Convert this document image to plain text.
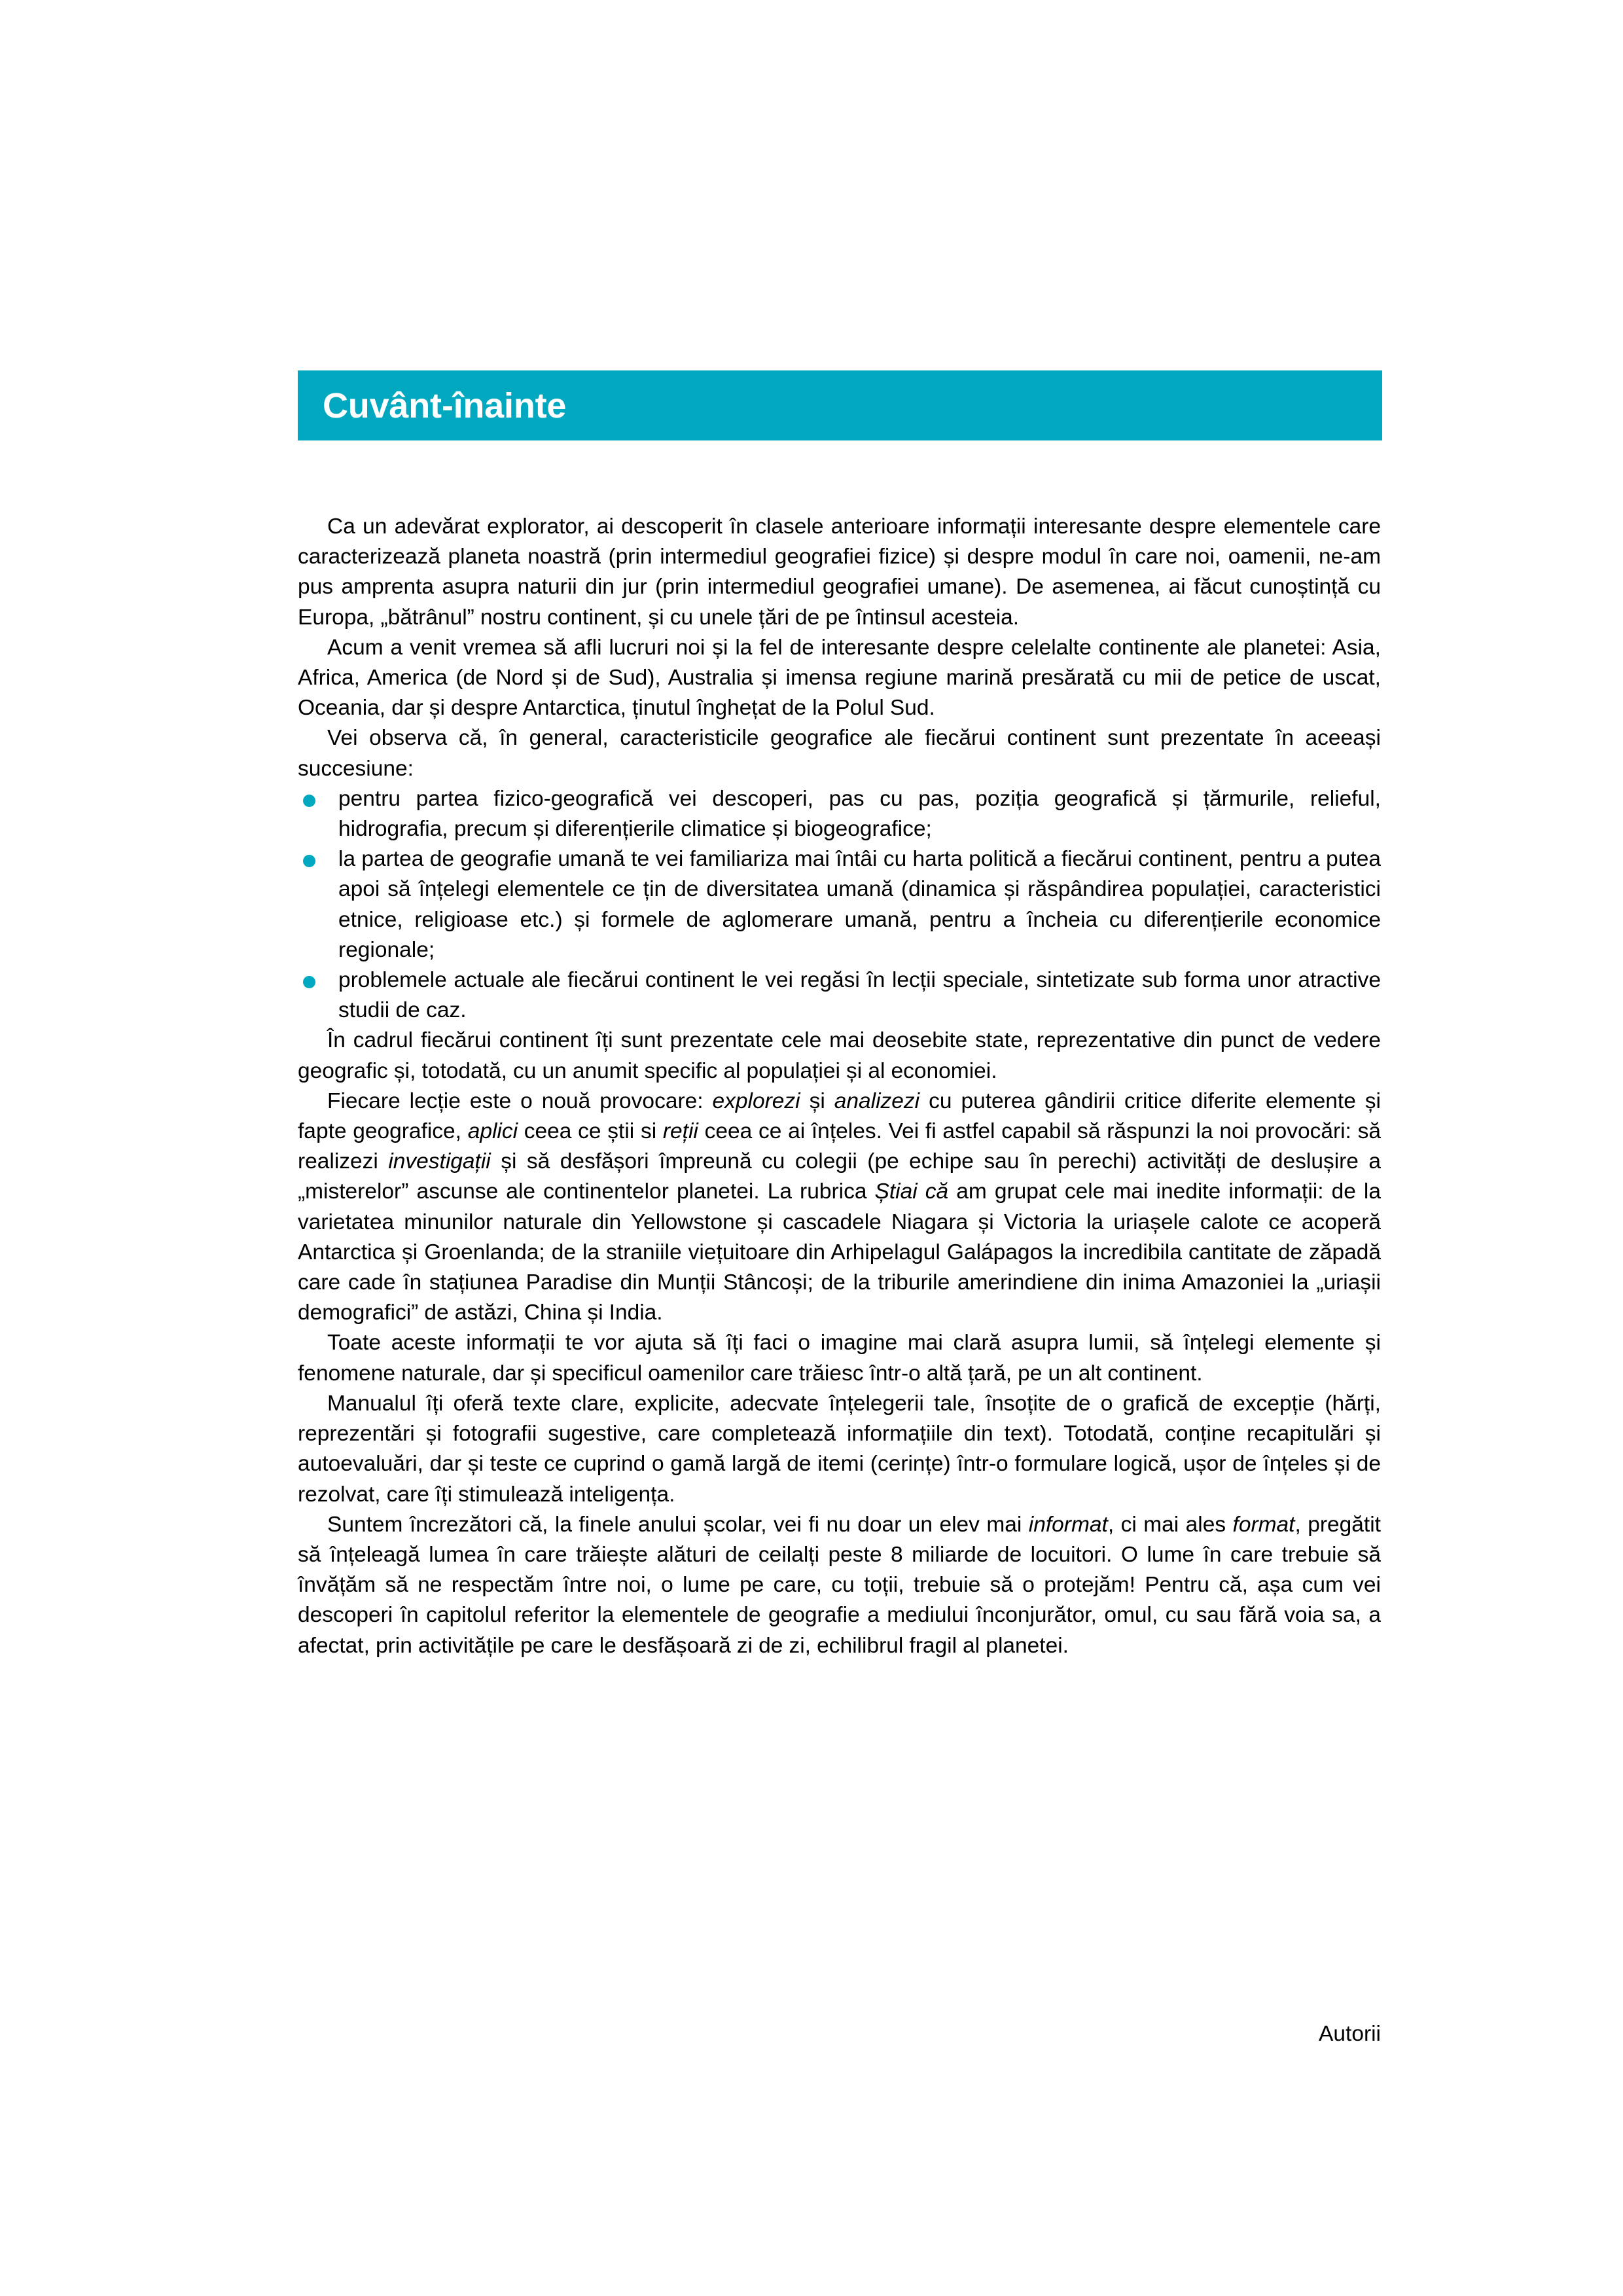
Cuvânt-înainte

Ca un adevărat explorator, ai descoperit în clasele anterioare informații interesante despre elementele care caracterizează planeta noastră (prin intermediul geografiei fizice) și despre modul în care noi, oamenii, ne-am pus amprenta asupra naturii din jur (prin intermediul geografiei umane). De asemenea, ai făcut cunoștință cu Europa, „bătrânul” nostru continent, și cu unele țări de pe întinsul acesteia.

Acum a venit vremea să afli lucruri noi și la fel de interesante despre celelalte continente ale planetei: Asia, Africa, America (de Nord și de Sud), Australia și imensa regiune marină presărată cu mii de petice de uscat, Oceania, dar și despre Antarctica, ținutul înghețat de la Polul Sud.

Vei observa că, în general, caracteristicile geografice ale fiecărui continent sunt prezentate în aceeași succesiune:

pentru partea fizico-geografică vei descoperi, pas cu pas, poziția geografică și țărmurile, relieful, hidrografia, precum și diferențierile climatice și biogeografice;
la partea de geografie umană te vei familiariza mai întâi cu harta politică a fiecărui continent, pentru a putea apoi să înțelegi elementele ce țin de diversitatea umană (dinamica și răspândirea populației, caracteristici etnice, religioase etc.) și formele de aglomerare umană, pentru a încheia cu diferențierile economice regionale;
problemele actuale ale fiecărui continent le vei regăsi în lecții speciale, sintetizate sub forma unor atractive studii de caz.

În cadrul fiecărui continent îți sunt prezentate cele mai deosebite state, reprezentative din punct de vedere geografic și, totodată, cu un anumit specific al populației și al economiei.

Fiecare lecție este o nouă provocare: explorezi și analizezi cu puterea gândirii critice diferite elemente și fapte geografice, aplici ceea ce știi si reții ceea ce ai înțeles. Vei fi astfel capabil să răspunzi la noi provocări: să realizezi investigații și să desfășori împreună cu colegii (pe echipe sau în perechi) activități de deslușire a „misterelor” ascunse ale continentelor planetei. La rubrica Știai că am grupat cele mai inedite informații: de la varietatea minunilor naturale din Yellowstone și cascadele Niagara și Victoria la uriașele calote ce acoperă Antarctica și Groenlanda; de la straniile viețuitoare din Arhipelagul Galápagos la incredibila cantitate de zăpadă care cade în stațiunea Paradise din Munții Stâncoși; de la triburile amerindiene din inima Amazoniei la „uriașii demografici” de astăzi, China și India.

Toate aceste informații te vor ajuta să îți faci o imagine mai clară asupra lumii, să înțelegi elemente și fenomene naturale, dar și specificul oamenilor care trăiesc într-o altă țară, pe un alt continent.

Manualul îți oferă texte clare, explicite, adecvate înțelegerii tale, însoțite de o grafică de excepție (hărți, reprezentări și fotografii sugestive, care completează informațiile din text). Totodată, conține recapitulări și autoevaluări, dar și teste ce cuprind o gamă largă de itemi (cerințe) într-o formulare logică, ușor de înțeles și de rezolvat, care îți stimulează inteligența.

Suntem încrezători că, la finele anului școlar, vei fi nu doar un elev mai informat, ci mai ales format, pregătit să înțeleagă lumea în care trăiește alături de ceilalți peste 8 miliarde de locuitori. O lume în care trebuie să învățăm să ne respectăm între noi, o lume pe care, cu toții, trebuie să o protejăm! Pentru că, așa cum vei descoperi în capitolul referitor la elementele de geografie a mediului înconjurător, omul, cu sau fără voia sa, a afectat, prin activitățile pe care le desfășoară zi de zi, echilibrul fragil al planetei.

Autorii
